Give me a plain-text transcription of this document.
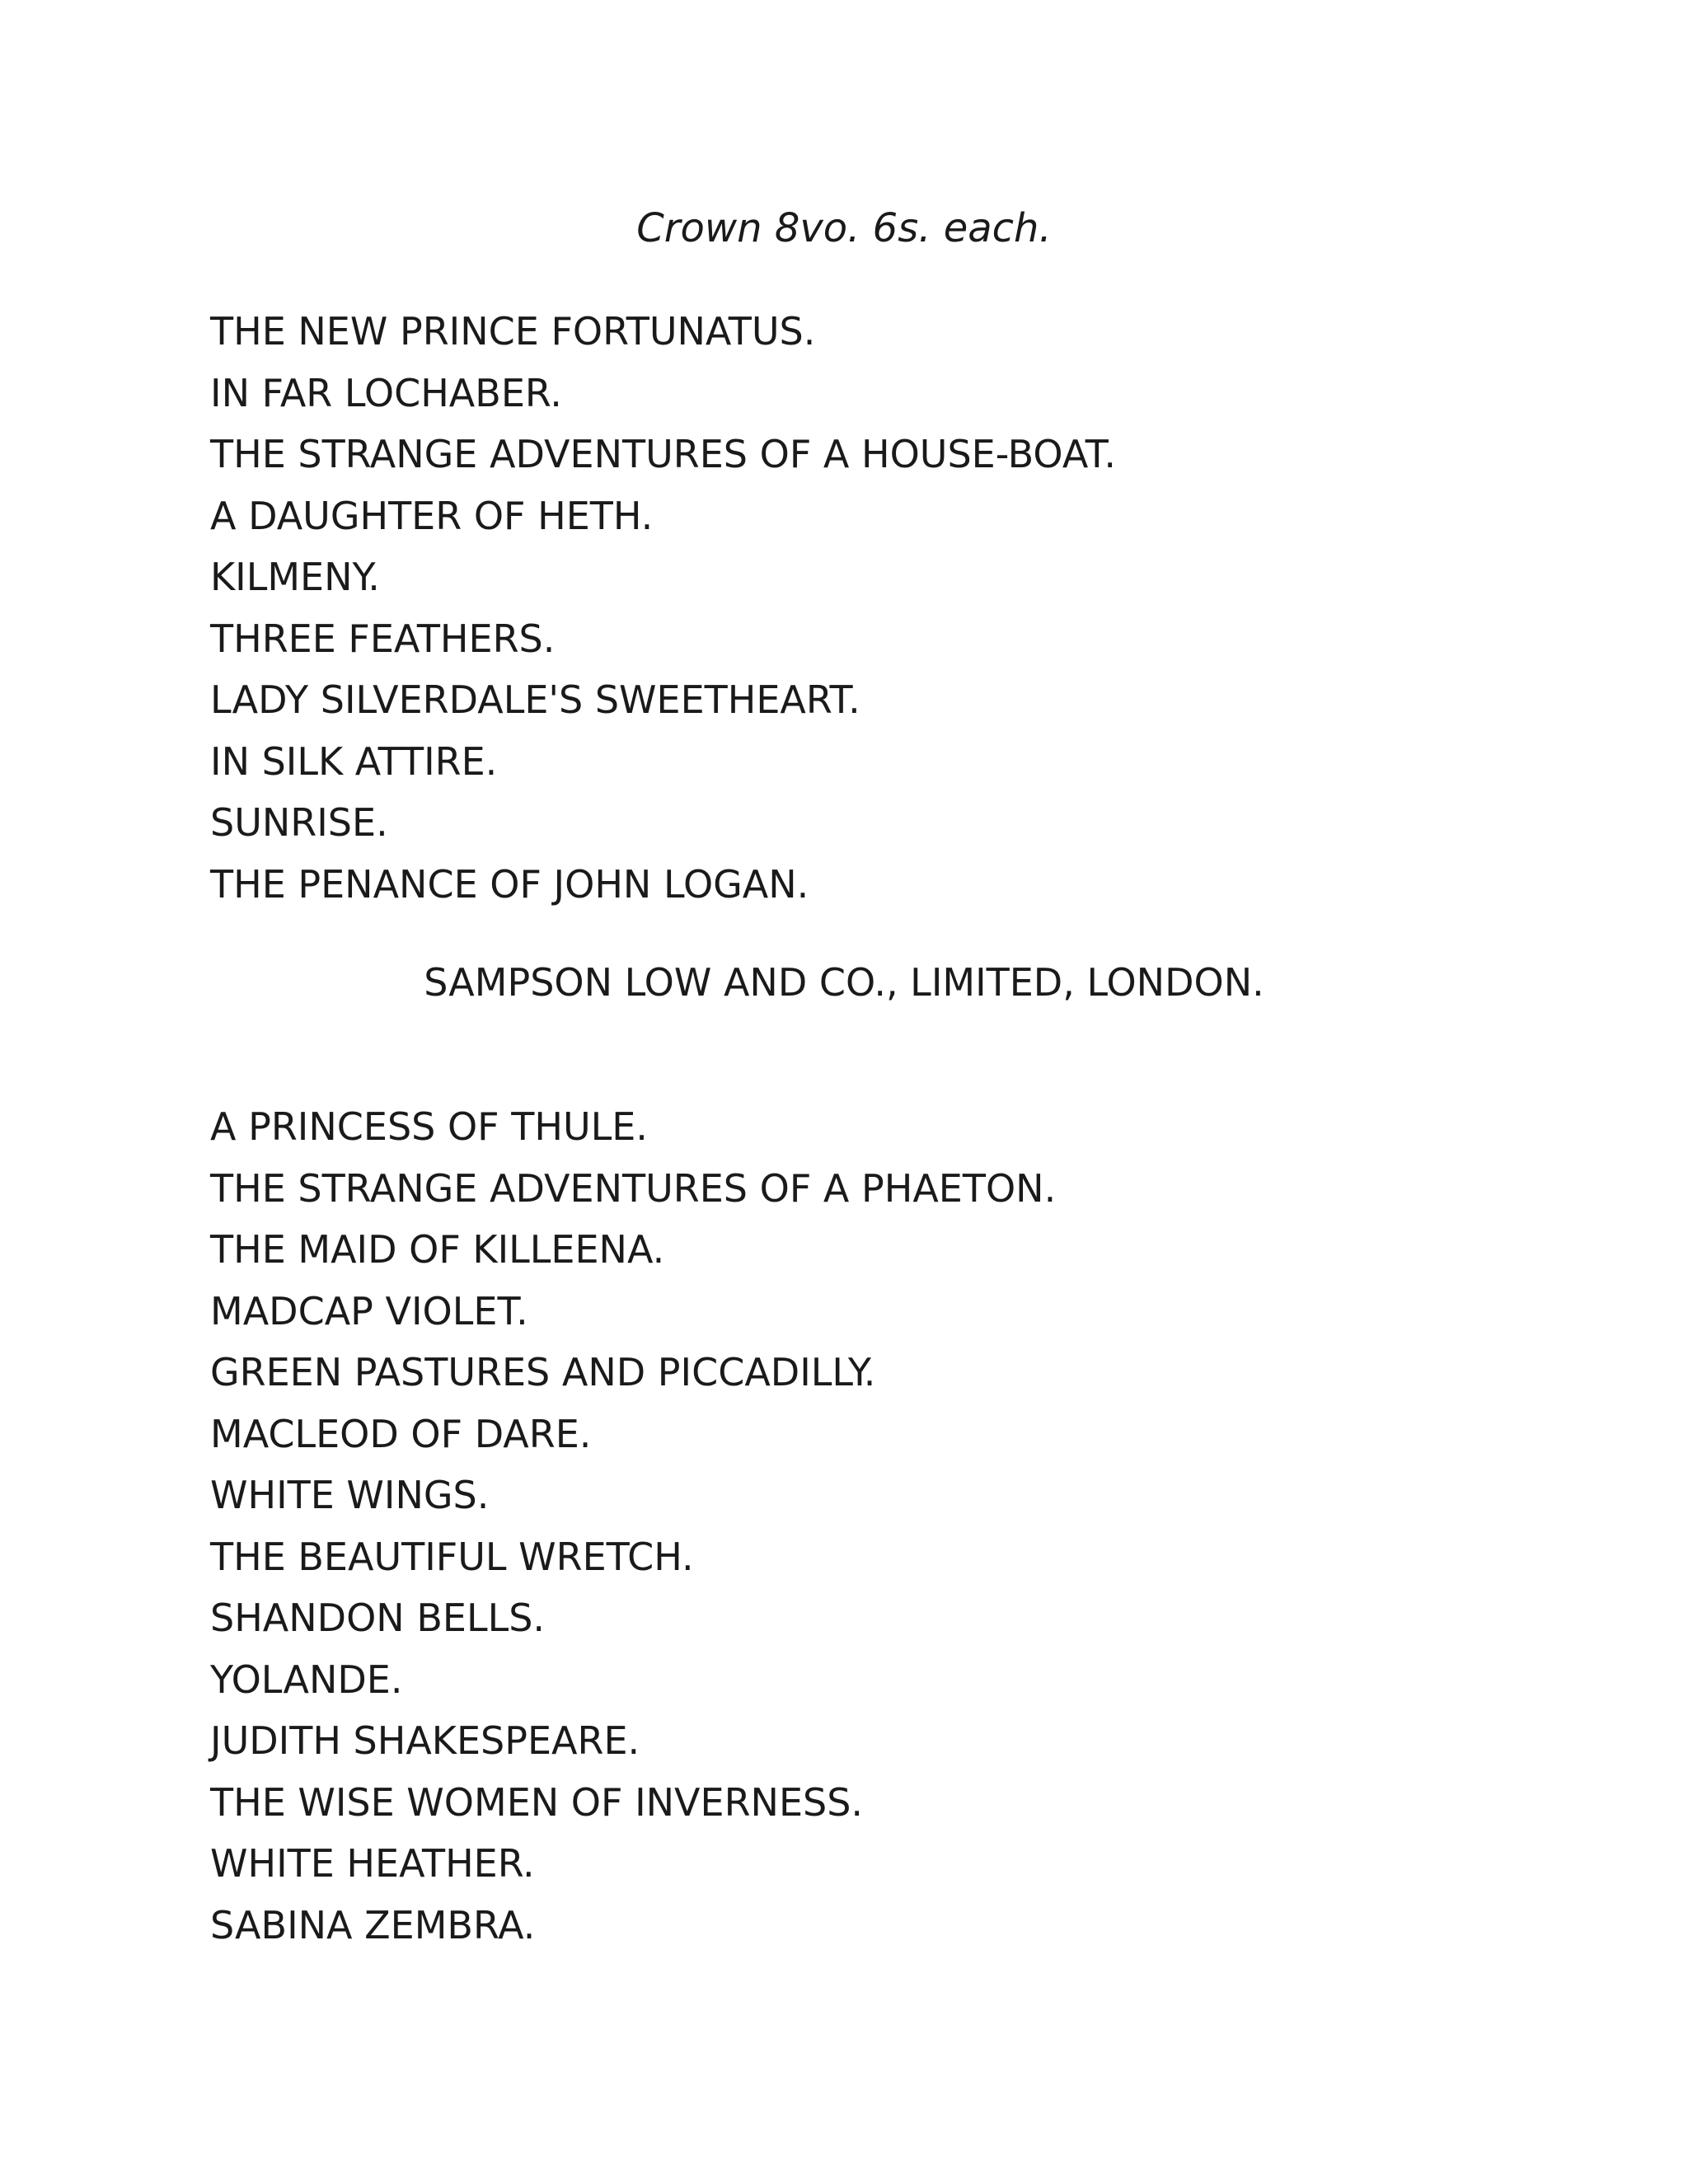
Crown 8vo. 6s. each.

THE NEW PRINCE FORTUNATUS.
IN FAR LOCHABER.
THE STRANGE ADVENTURES OF A HOUSE-BOAT.
A DAUGHTER OF HETH.
KILMENY.
THREE FEATHERS.
LADY SILVERDALE'S SWEETHEART.
IN SILK ATTIRE.
SUNRISE.
THE PENANCE OF JOHN LOGAN.

SAMPSON LOW AND CO., LIMITED, LONDON.

A PRINCESS OF THULE.
THE STRANGE ADVENTURES OF A PHAETON.
THE MAID OF KILLEENA.
MADCAP VIOLET.
GREEN PASTURES AND PICCADILLY.
MACLEOD OF DARE.
WHITE WINGS.
THE BEAUTIFUL WRETCH.
SHANDON BELLS.
YOLANDE.
JUDITH SHAKESPEARE.
THE WISE WOMEN OF INVERNESS.
WHITE HEATHER.
SABINA ZEMBRA.
